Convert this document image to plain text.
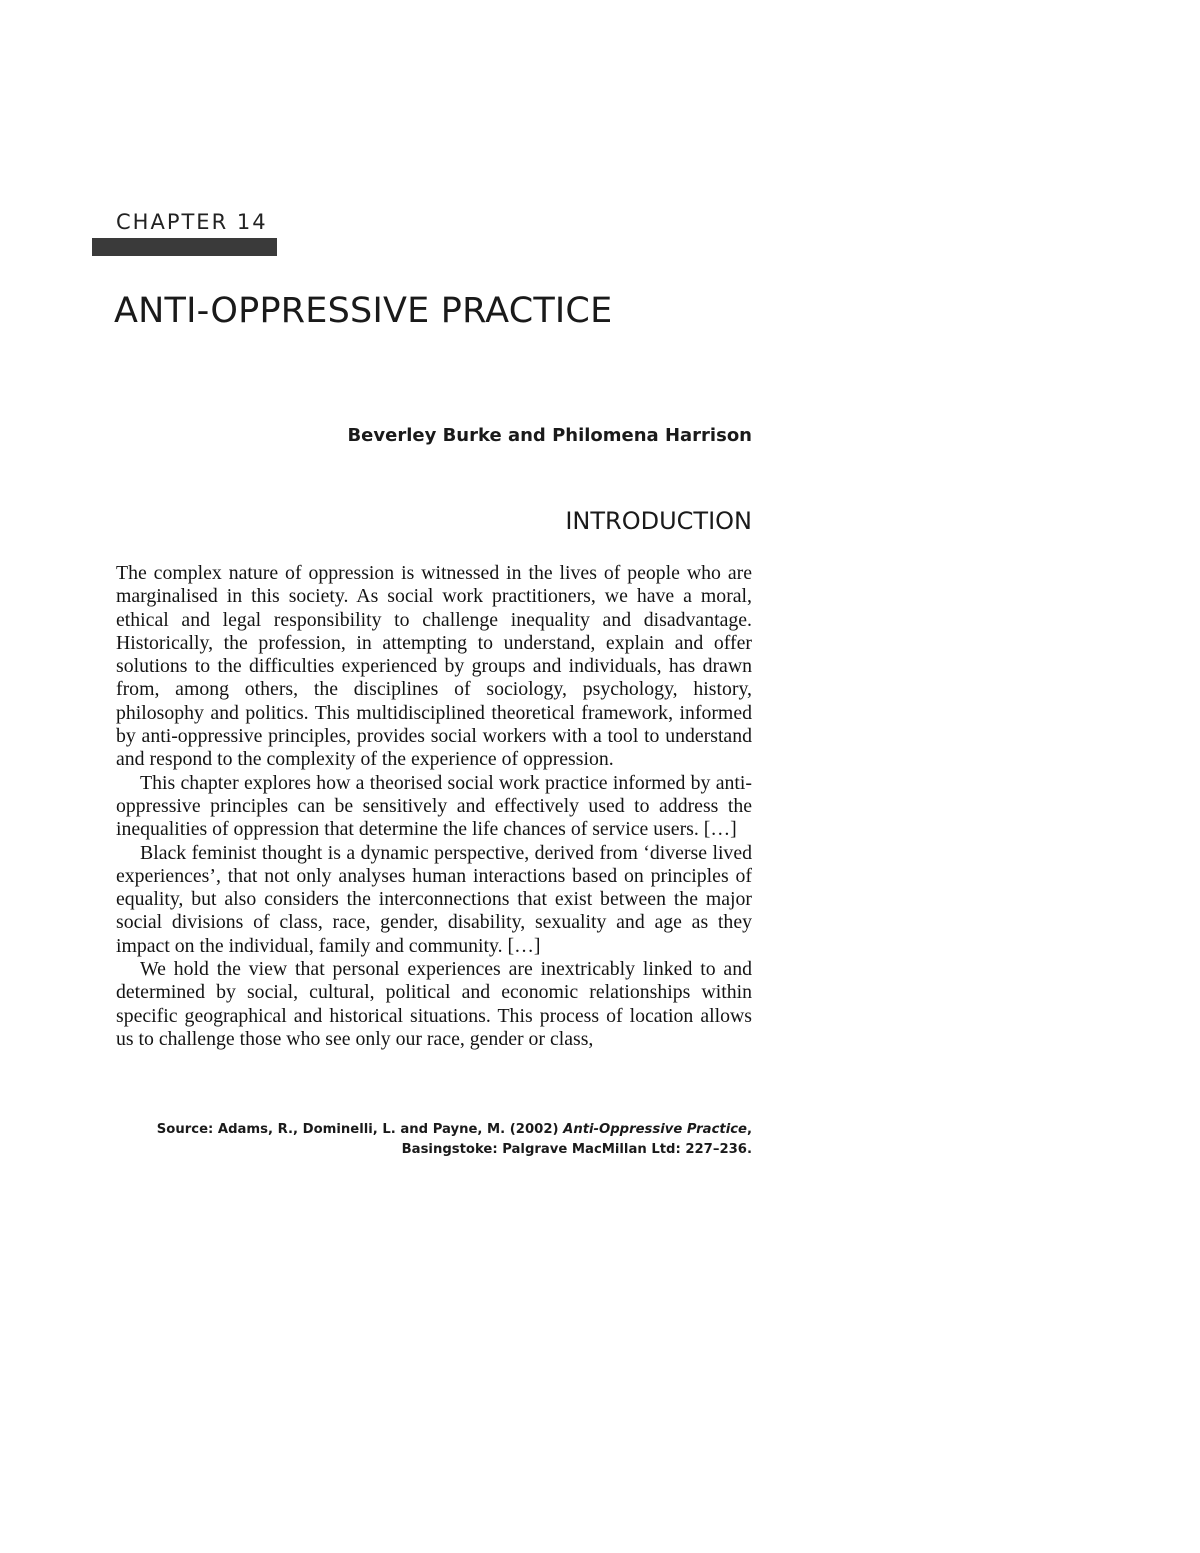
CHAPTER 14
ANTI-OPPRESSIVE PRACTICE
Beverley Burke and Philomena Harrison
INTRODUCTION

The complex nature of oppression is witnessed in the lives of people who are marginalised in this society. As social work practitioners, we have a moral, ethical and legal responsibility to challenge inequality and disadvantage. Historically, the profession, in attempting to understand, explain and offer solutions to the difficulties experienced by groups and individuals, has drawn from, among others, the disciplines of sociology, psychology, history, philosophy and politics. This multidisciplined theoretical framework, informed by anti-oppressive principles, provides social workers with a tool to understand and respond to the complexity of the experience of oppression.

This chapter explores how a theorised social work practice informed by anti-oppressive principles can be sensitively and effectively used to address the inequalities of oppression that determine the life chances of service users. […]

Black feminist thought is a dynamic perspective, derived from ‘diverse lived experiences’, that not only analyses human interactions based on principles of equality, but also considers the interconnections that exist between the major social divisions of class, race, gender, disability, sexuality and age as they impact on the individual, family and community. […]

We hold the view that personal experiences are inextricably linked to and determined by social, cultural, political and economic relationships within specific geographical and historical situations. This process of location allows us to challenge those who see only our race, gender or class,

Source: Adams, R., Dominelli, L. and Payne, M. (2002) Anti-Oppressive Practice, Basingstoke: Palgrave MacMillan Ltd: 227–236.
